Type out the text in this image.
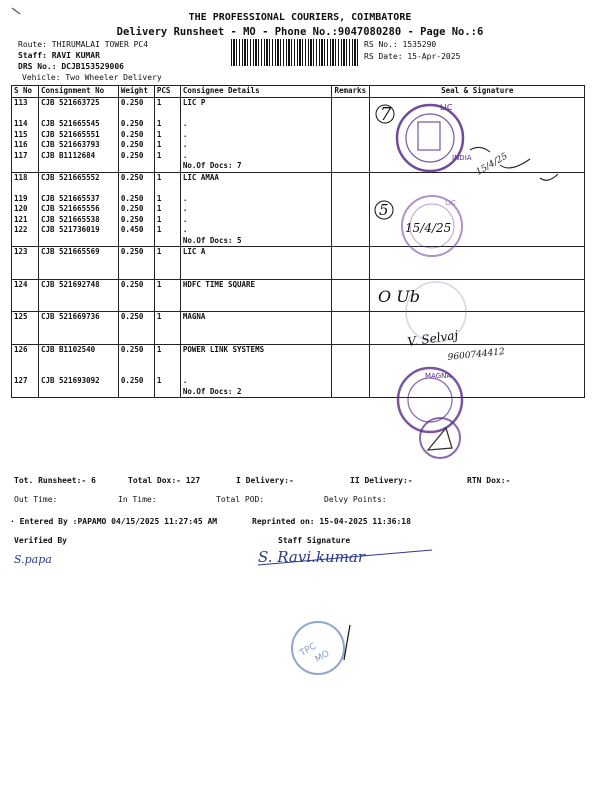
THE PROFESSIONAL COURIERS, COIMBATORE
Delivery Runsheet - MO - Phone No.:9047080280 - Page No.:6
Route: THIRUMALAI TOWER PC4
Staff: RAVI KUMAR
DRS No.: DCJB153529006
Vehicle: Two Wheeler Delivery
RS No.: 1535290
RS Date: 15-Apr-2025
S No	Consignment No	Weight	PCS	Consignee Details	Remarks	Seal & Signature
113	CJB 521663725	0.250	1	LIC P		

114	CJB 521665545	0.250	1	.		
115	CJB 521665551	0.250	1	.		
116	CJB 521663793	0.250	1	.		
117	CJB B1112684	0.250	1	.		
				No.Of Docs: 7		
118	CJB 521665552	0.250	1	LIC AMAA		

119	CJB 521665537	0.250	1	.		
120	CJB 521665556	0.250	1	.		
121	CJB 521665538	0.250	1	.		
122	CJB 521736019	0.450	1	.		
				No.Of Docs: 5		
123	CJB 521665569	0.250	1	LIC A		

124	CJB 521692748	0.250	1	HDFC TIME SQUARE		

125	CJB 521669736	0.250	1	MAGNA		

126	CJB B1102540	0.250	1	POWER LINK SYSTEMS		

127	CJB 521693092	0.250	1	.		
				No.Of Docs: 2		
LIC
INDIA
LIC
MAGNA
7
15/4/25
5
15/4/25
O Ub
V. Selvaj
9600744412
S.papa	S. Ravi.kumar
TPC
MO
Tot. Runsheet:- 6	Total Dox:- 127	I Delivery:-	II Delivery:-	RTN Dox:-
Out Time:	In Time:	Total POD:	Delvy Points:
· Entered By :PAPAMO 04/15/2025 11:27:45 AM	Reprinted on: 15-04-2025 11:36:18
Verified By	Staff Signature
